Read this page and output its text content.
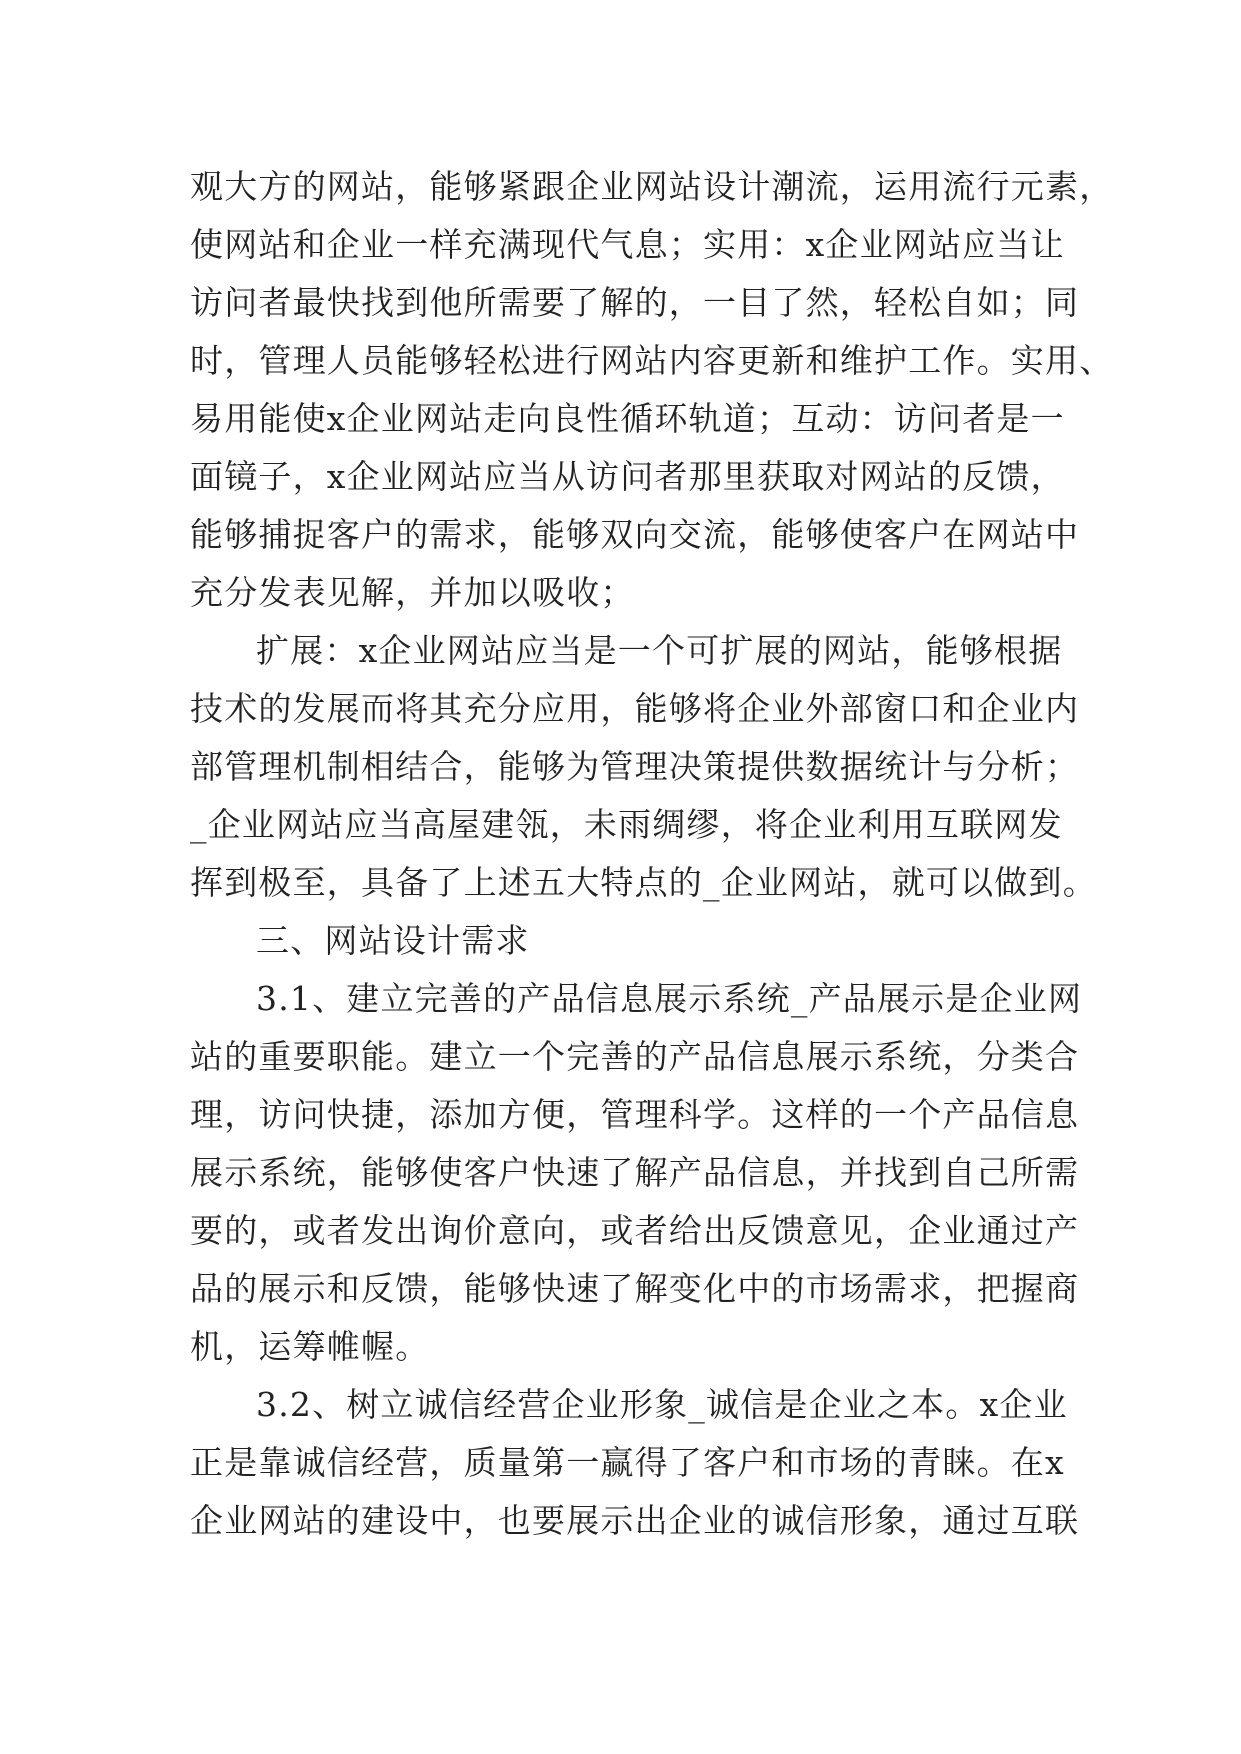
观大方的网站，能够紧跟企业网站设计潮流，运用流行元素，
使网站和企业一样充满现代气息；实用：x企业网站应当让
访问者最快找到他所需要了解的，一目了然，轻松自如；同
时，管理人员能够轻松进行网站内容更新和维护工作。实用、
易用能使x企业网站走向良性循环轨道；互动：访问者是一
面镜子，x企业网站应当从访问者那里获取对网站的反馈，
能够捕捉客户的需求，能够双向交流，能够使客户在网站中
充分发表见解，并加以吸收；
扩展：x企业网站应当是一个可扩展的网站，能够根据
技术的发展而将其充分应用，能够将企业外部窗口和企业内
部管理机制相结合，能够为管理决策提供数据统计与分析；
_企业网站应当高屋建瓴，未雨绸缪，将企业利用互联网发
挥到极至，具备了上述五大特点的_企业网站，就可以做到。
三、网站设计需求
3.1、建立完善的产品信息展示系统_产品展示是企业网
站的重要职能。建立一个完善的产品信息展示系统，分类合
理，访问快捷，添加方便，管理科学。这样的一个产品信息
展示系统，能够使客户快速了解产品信息，并找到自己所需
要的，或者发出询价意向，或者给出反馈意见，企业通过产
品的展示和反馈，能够快速了解变化中的市场需求，把握商
机，运筹帷幄。
3.2、树立诚信经营企业形象_诚信是企业之本。x企业
正是靠诚信经营，质量第一赢得了客户和市场的青睐。在x
企业网站的建设中，也要展示出企业的诚信形象，通过互联
